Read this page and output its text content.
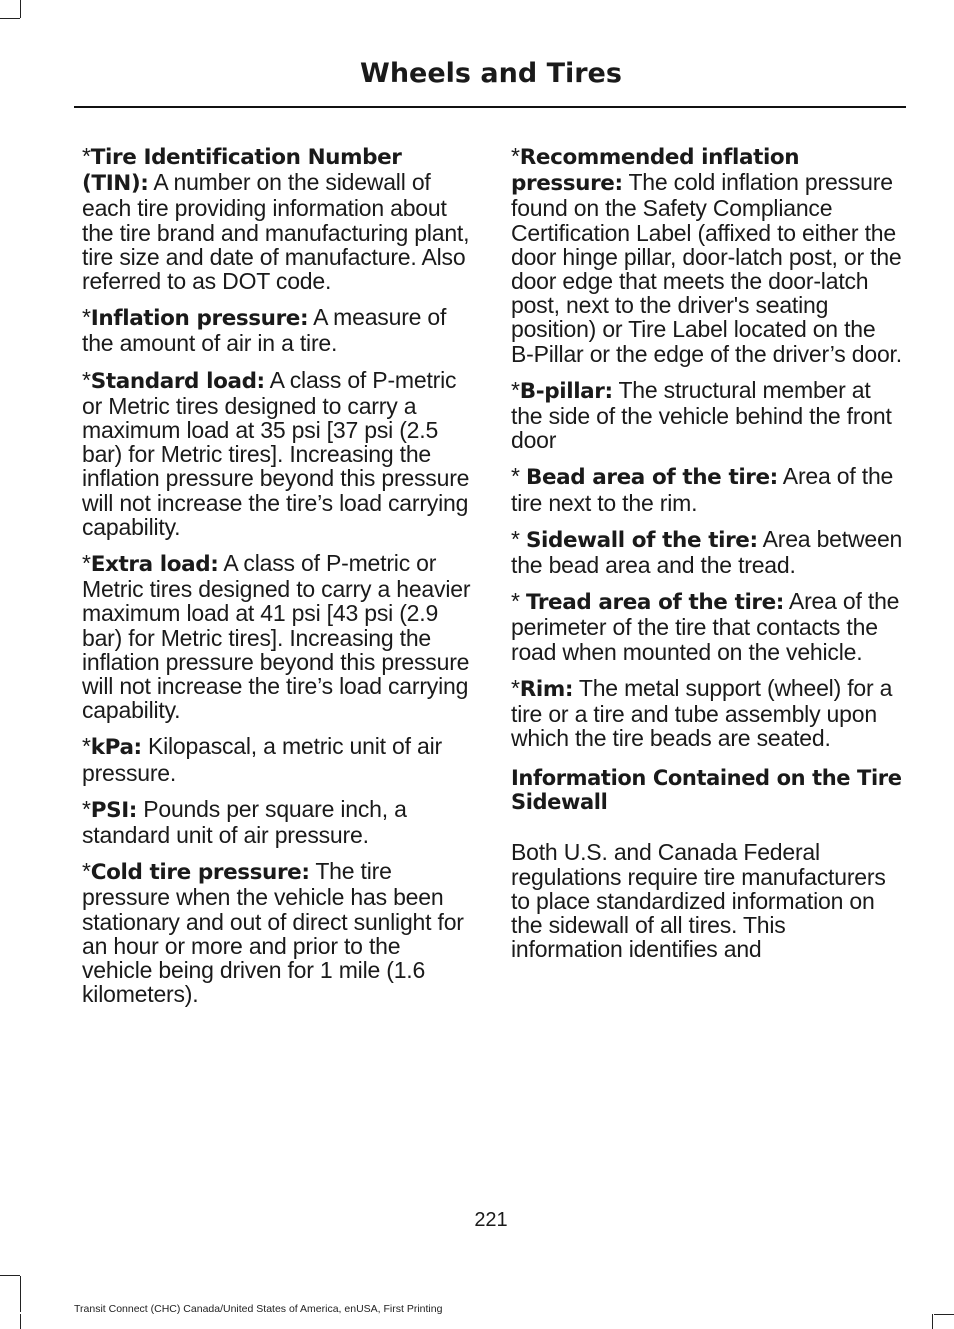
Wheels and Tires

*Tire Identification Number (TIN): A number on the sidewall of each tire providing information about the tire brand and manufacturing plant, tire size and date of manufacture. Also referred to as DOT code.

*Inflation pressure: A measure of the amount of air in a tire.

*Standard load: A class of P-metric or Metric tires designed to carry a maximum load at 35 psi [37 psi (2.5 bar) for Metric tires]. Increasing the inflation pressure beyond this pressure will not increase the tire’s load carrying capability.

*Extra load: A class of P-metric or Metric tires designed to carry a heavier maximum load at 41 psi [43 psi (2.9 bar) for Metric tires]. Increasing the inflation pressure beyond this pressure will not increase the tire’s load carrying capability.

*kPa: Kilopascal, a metric unit of air pressure.

*PSI: Pounds per square inch, a standard unit of air pressure.

*Cold tire pressure: The tire pressure when the vehicle has been stationary and out of direct sunlight for an hour or more and prior to the vehicle being driven for 1 mile (1.6 kilometers).

*Recommended inflation pressure: The cold inflation pressure found on the Safety Compliance Certification Label (affixed to either the door hinge pillar, door-latch post, or the door edge that meets the door-latch post, next to the driver's seating position) or Tire Label located on the B-Pillar or the edge of the driver’s door.

*B-pillar: The structural member at the side of the vehicle behind the front door

* Bead area of the tire: Area of the tire next to the rim.

* Sidewall of the tire: Area between the bead area and the tread.

* Tread area of the tire: Area of the perimeter of the tire that contacts the road when mounted on the vehicle.

*Rim: The metal support (wheel) for a tire or a tire and tube assembly upon which the tire beads are seated.

Information Contained on the Tire Sidewall

Both U.S. and Canada Federal regulations require tire manufacturers to place standardized information on the sidewall of all tires. This information identifies and

221
Transit Connect (CHC) Canada/United States of America, enUSA, First Printing
